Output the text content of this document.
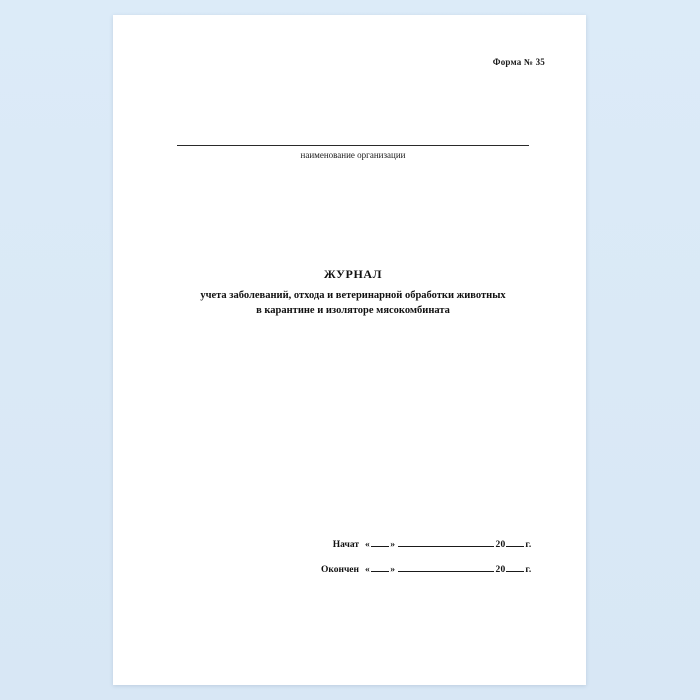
Форма № 35
наименование организации
ЖУРНАЛ
учета заболеваний, отхода и ветеринарной обработки животных
в карантине и изоляторе мясокомбината
Начат « »	20 г.
Окончен « »	20 г.
